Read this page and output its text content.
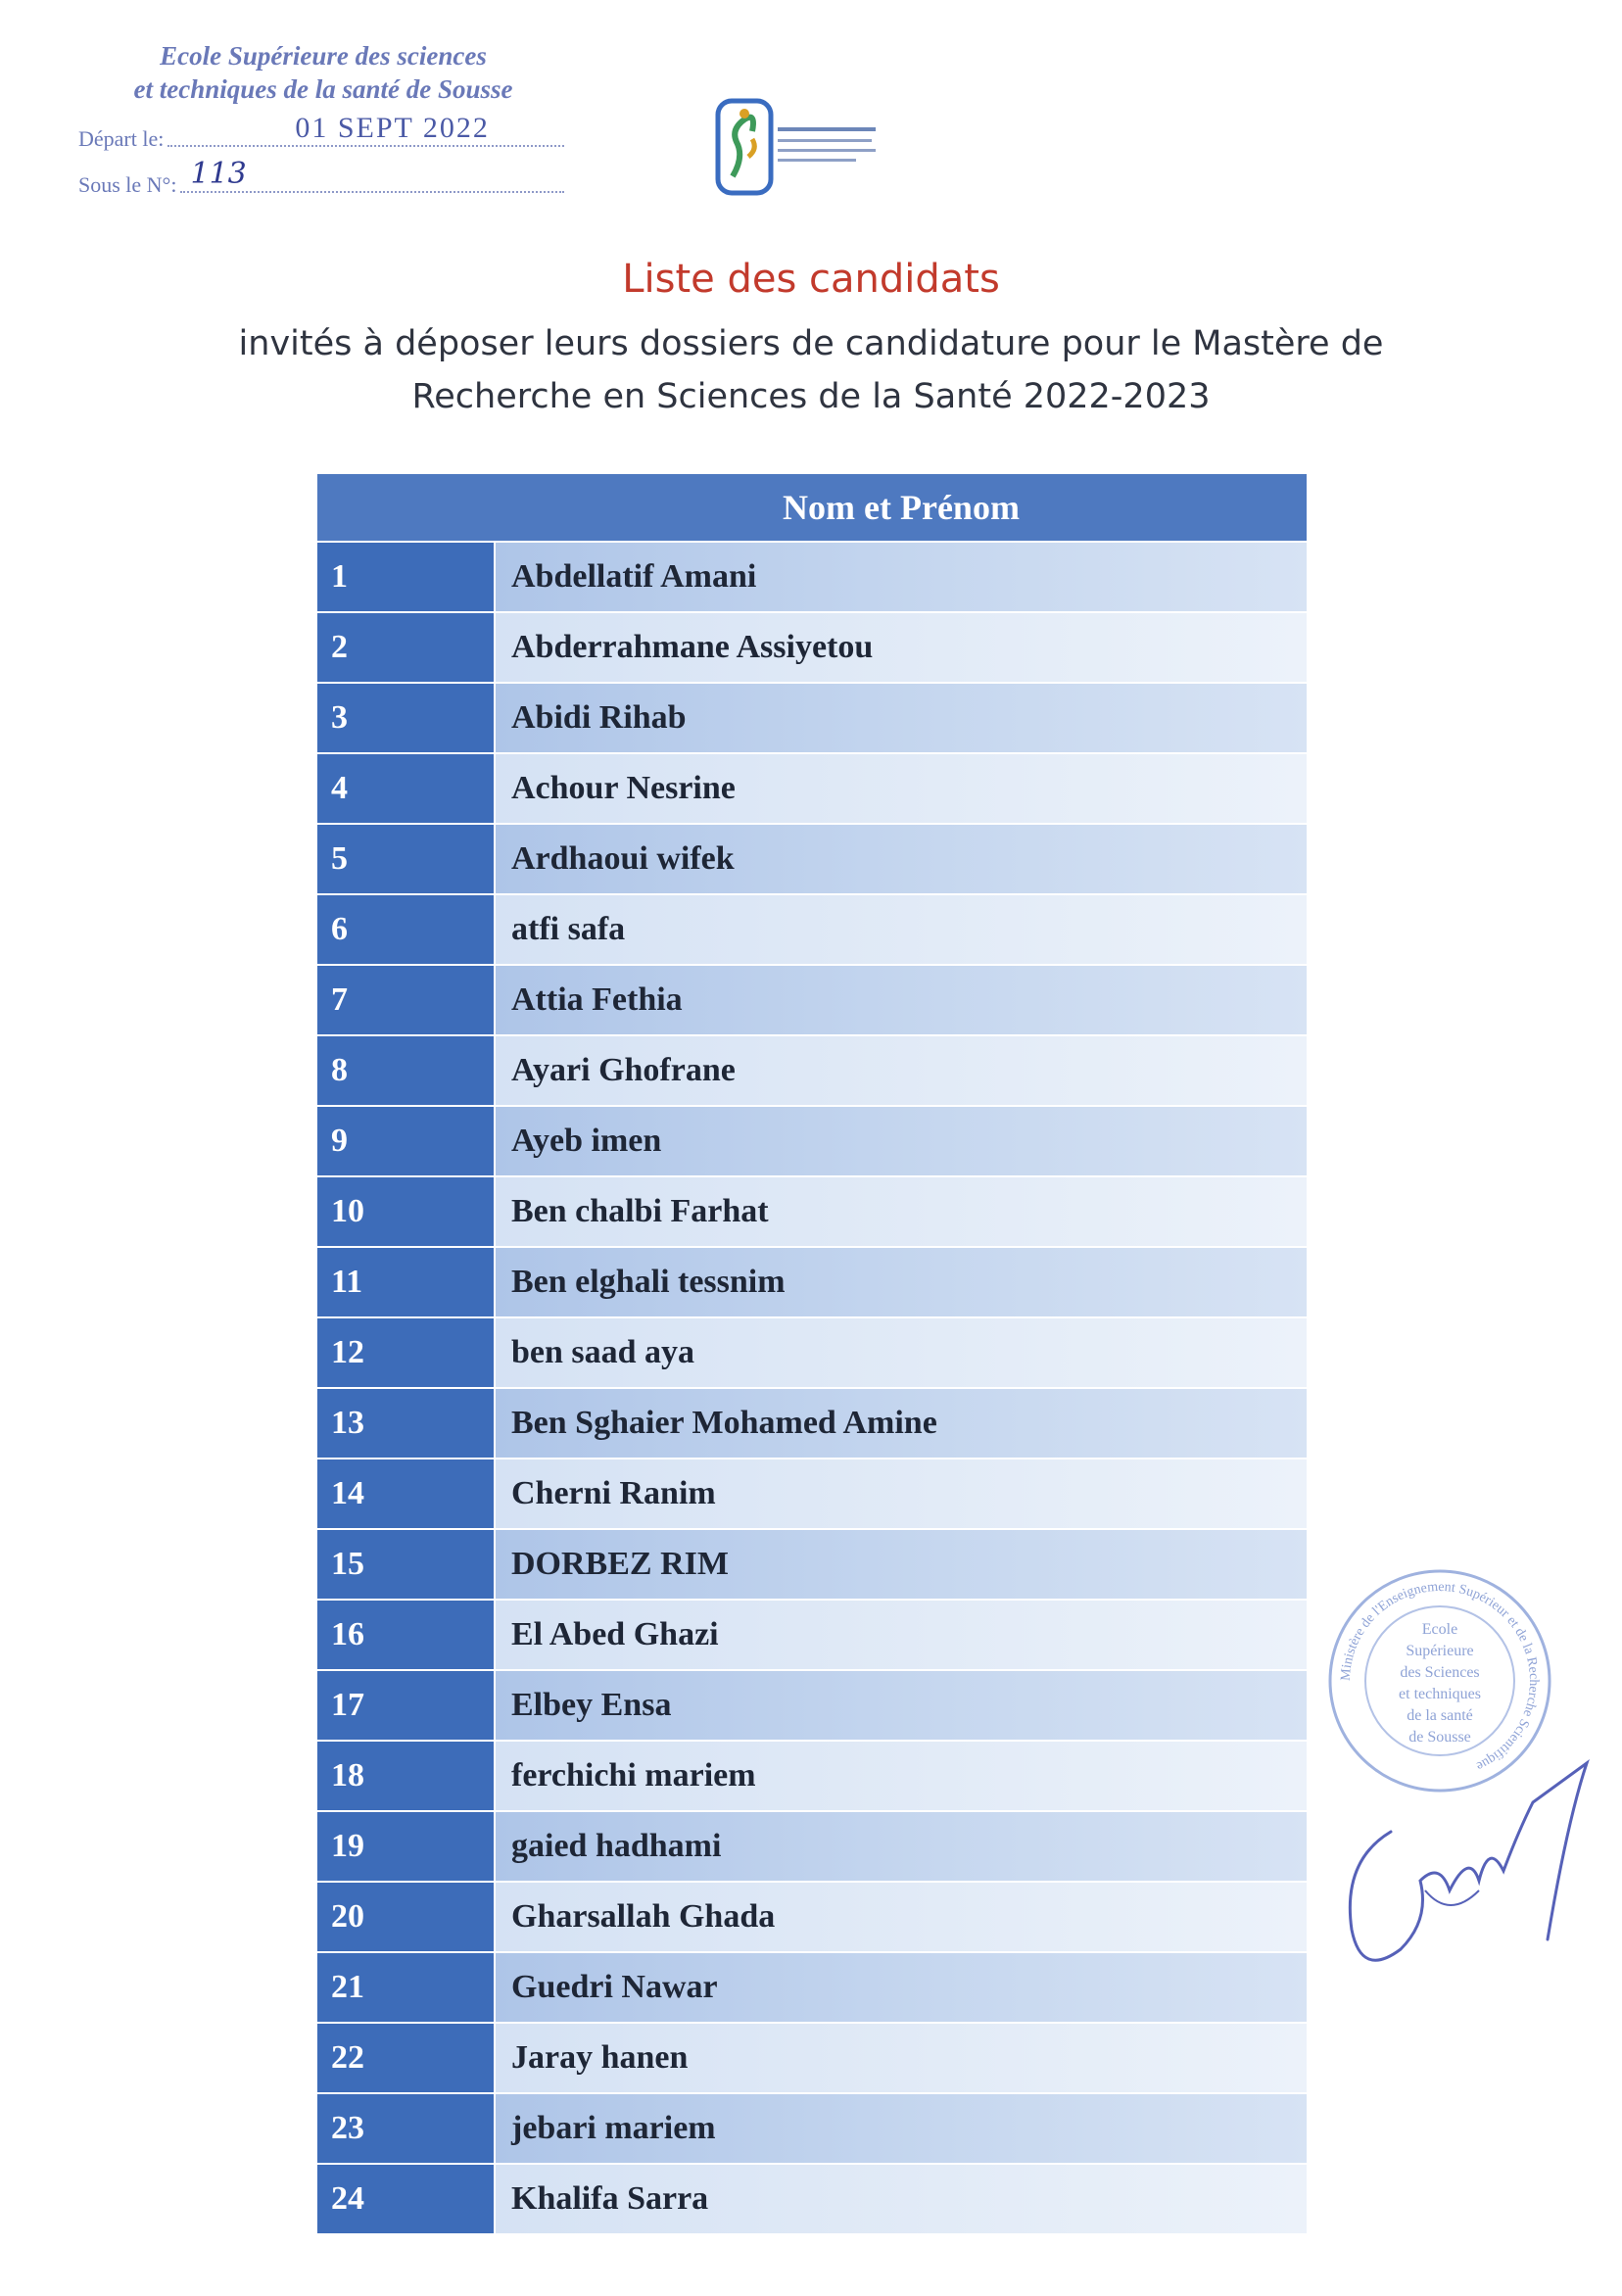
Ecole Supérieure des sciences
et techniques de la santé de Sousse
Départ le:	01 SEPT 2022
Sous le N°: 113
Liste des candidats
invités à déposer leurs dossiers de candidature pour le Mastère de
Recherche en Sciences de la Santé 2022-2023
Nom et Prénom
1	Abdellatif Amani
2	Abderrahmane Assiyetou
3	Abidi Rihab
4	Achour Nesrine
5	Ardhaoui wifek
6	atfi safa
7	Attia Fethia
8	Ayari Ghofrane
9	Ayeb imen
10	Ben chalbi Farhat
11	Ben elghali tessnim
12	ben saad aya
13	Ben Sghaier Mohamed Amine
14	Cherni Ranim
15	DORBEZ RIM
16	El Abed Ghazi
17	Elbey Ensa
18	ferchichi mariem
19	gaied hadhami
20	Gharsallah Ghada
21	Guedri Nawar
22	Jaray hanen
23	jebari mariem
24	Khalifa Sarra
Ministère de l'Enseignement Supérieur et de la Recherche Scientifique
Ecole
Supérieure
des Sciences
et techniques
de la santé
de Sousse
